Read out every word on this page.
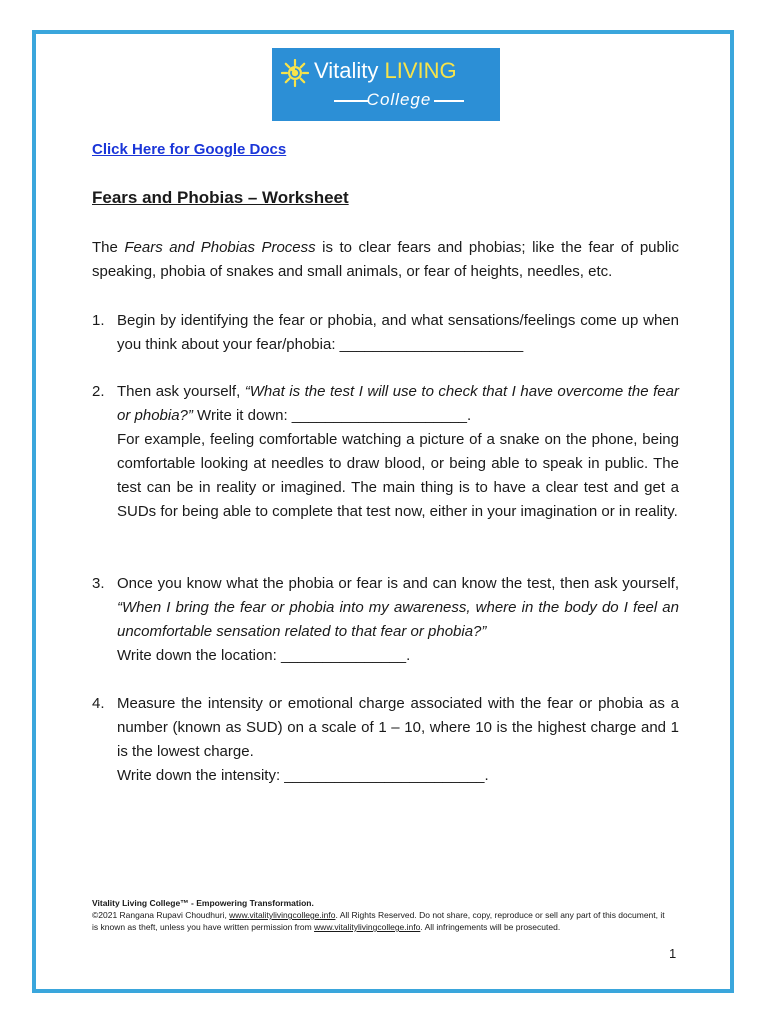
Vitality LIVING
College
Click Here for Google Docs
Fears and Phobias – Worksheet
The Fears and Phobias Process is to clear fears and phobias; like the fear of public speaking, phobia of snakes and small animals, or fear of heights, needles, etc.
1. Begin by identifying the fear or phobia, and what sensations/feelings come up when you think about your fear/phobia: ______________________
2. Then ask yourself, “What is the test I will use to check that I have overcome the fear or phobia?” Write it down: _____________________.
For example, feeling comfortable watching a picture of a snake on the phone, being comfortable looking at needles to draw blood, or being able to speak in public. The test can be in reality or imagined. The main thing is to have a clear test and get a SUDs for being able to complete that test now, either in your imagination or in reality.
3. Once you know what the phobia or fear is and can know the test, then ask yourself, “When I bring the fear or phobia into my awareness, where in the body do I feel an uncomfortable sensation related to that fear or phobia?”
Write down the location: _______________.
4. Measure the intensity or emotional charge associated with the fear or phobia as a number (known as SUD) on a scale of 1 – 10, where 10 is the highest charge and 1 is the lowest charge.
Write down the intensity: ________________________.
Vitality Living College™ - Empowering Transformation.
©2021 Rangana Rupavi Choudhuri, www.vitalitylivingcollege.info. All Rights Reserved. Do not share, copy, reproduce or sell any part of this document, it is known as theft, unless you have written permission from www.vitalitylivingcollege.info. All infringements will be prosecuted.
1
